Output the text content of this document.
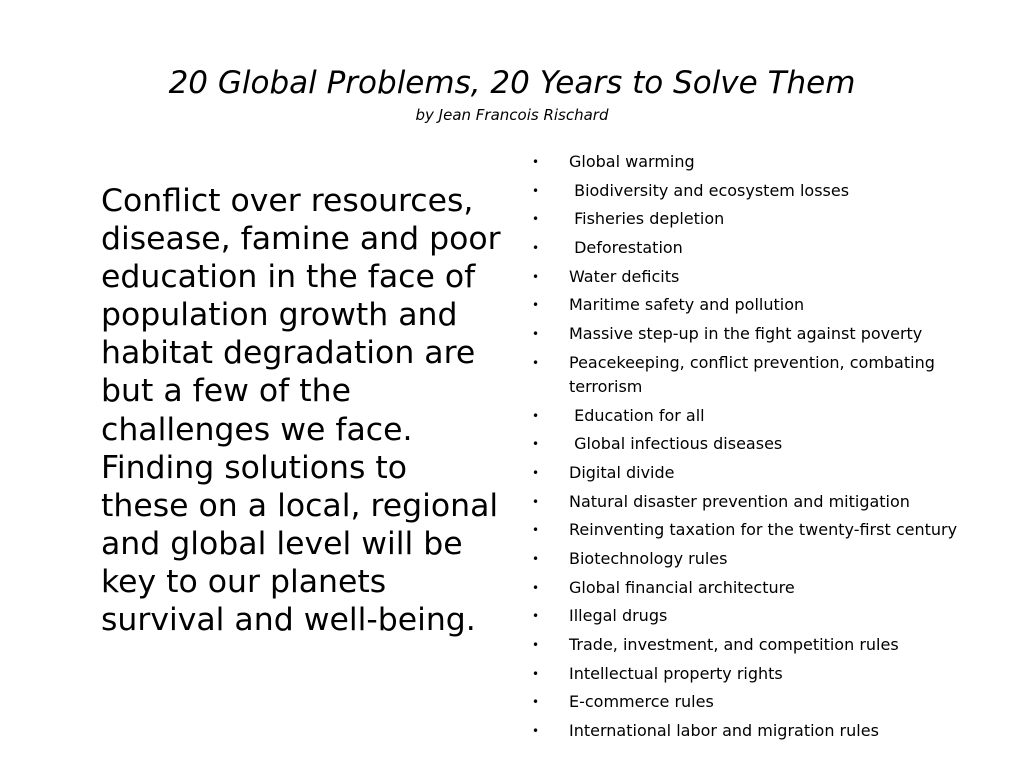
20 Global Problems, 20 Years to Solve Them

by Jean Francois Rischard

Conflict over resources, disease, famine and poor education in the face of population growth and habitat degradation are but a few of the challenges we face. Finding solutions to these on a local, regional and global level will be key to our planets survival and well-being.

•	Global warming
•	Biodiversity and ecosystem losses
•	Fisheries depletion
•	Deforestation
•	Water deficits
•	Maritime safety and pollution
•	Massive step-up in the fight against poverty
•	Peacekeeping, conflict prevention, combating terrorism
•	Education for all
•	Global infectious diseases
•	Digital divide
•	Natural disaster prevention and mitigation
•	Reinventing taxation for the twenty-first century
•	Biotechnology rules
•	Global financial architecture
•	Illegal drugs
•	Trade, investment, and competition rules
•	Intellectual property rights
•	E-commerce rules
•	International labor and migration rules
